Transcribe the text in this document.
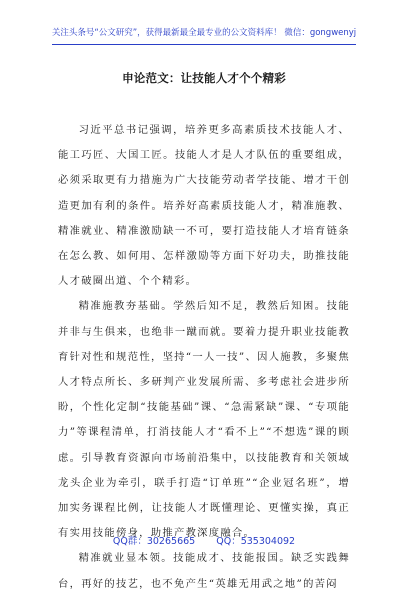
关注头条号“公文研究”，获得最新最全最专业的公文资料库！ 微信：gongwenyj
申论范文：让技能人才个个精彩

习近平总书记强调，培养更多高素质技术技能人才、能工巧匠、大国工匠。技能人才是人才队伍的重要组成，必须采取更有力措施为广大技能劳动者学技能、增才干创造更加有利的条件。培养好高素质技能人才，精准施教、精准就业、精准激励缺一不可，要打造技能人才培育链条在怎么教、如何用、怎样激励等方面下好功夫，助推技能人才破圈出道、个个精彩。

精准施教夯基础。学然后知不足，教然后知困。技能并非与生俱来，也绝非一蹴而就。要着力提升职业技能教育针对性和规范性，坚持“一人一技”、因人施教，多聚焦人才特点所长、多研判产业发展所需、多考虑社会进步所盼，个性化定制“技能基础”课、“急需紧缺”课、“专项能力”等课程清单，打消技能人才“看不上”“不想选”课的顾虑。引导教育资源向市场前沿集中，以技能教育和关领域龙头企业为牵引，联手打造“订单班”“企业冠名班”，增加实务课程比例，让技能人才既懂理论、更懂实操，真正有实用技能傍身，助推产教深度融合。

精准就业显本领。技能成才、技能报国。缺乏实践舞台，再好的技艺，也不免产生“英雄无用武之地”的苦闷

QQ群：30265665 QQ：535304092
